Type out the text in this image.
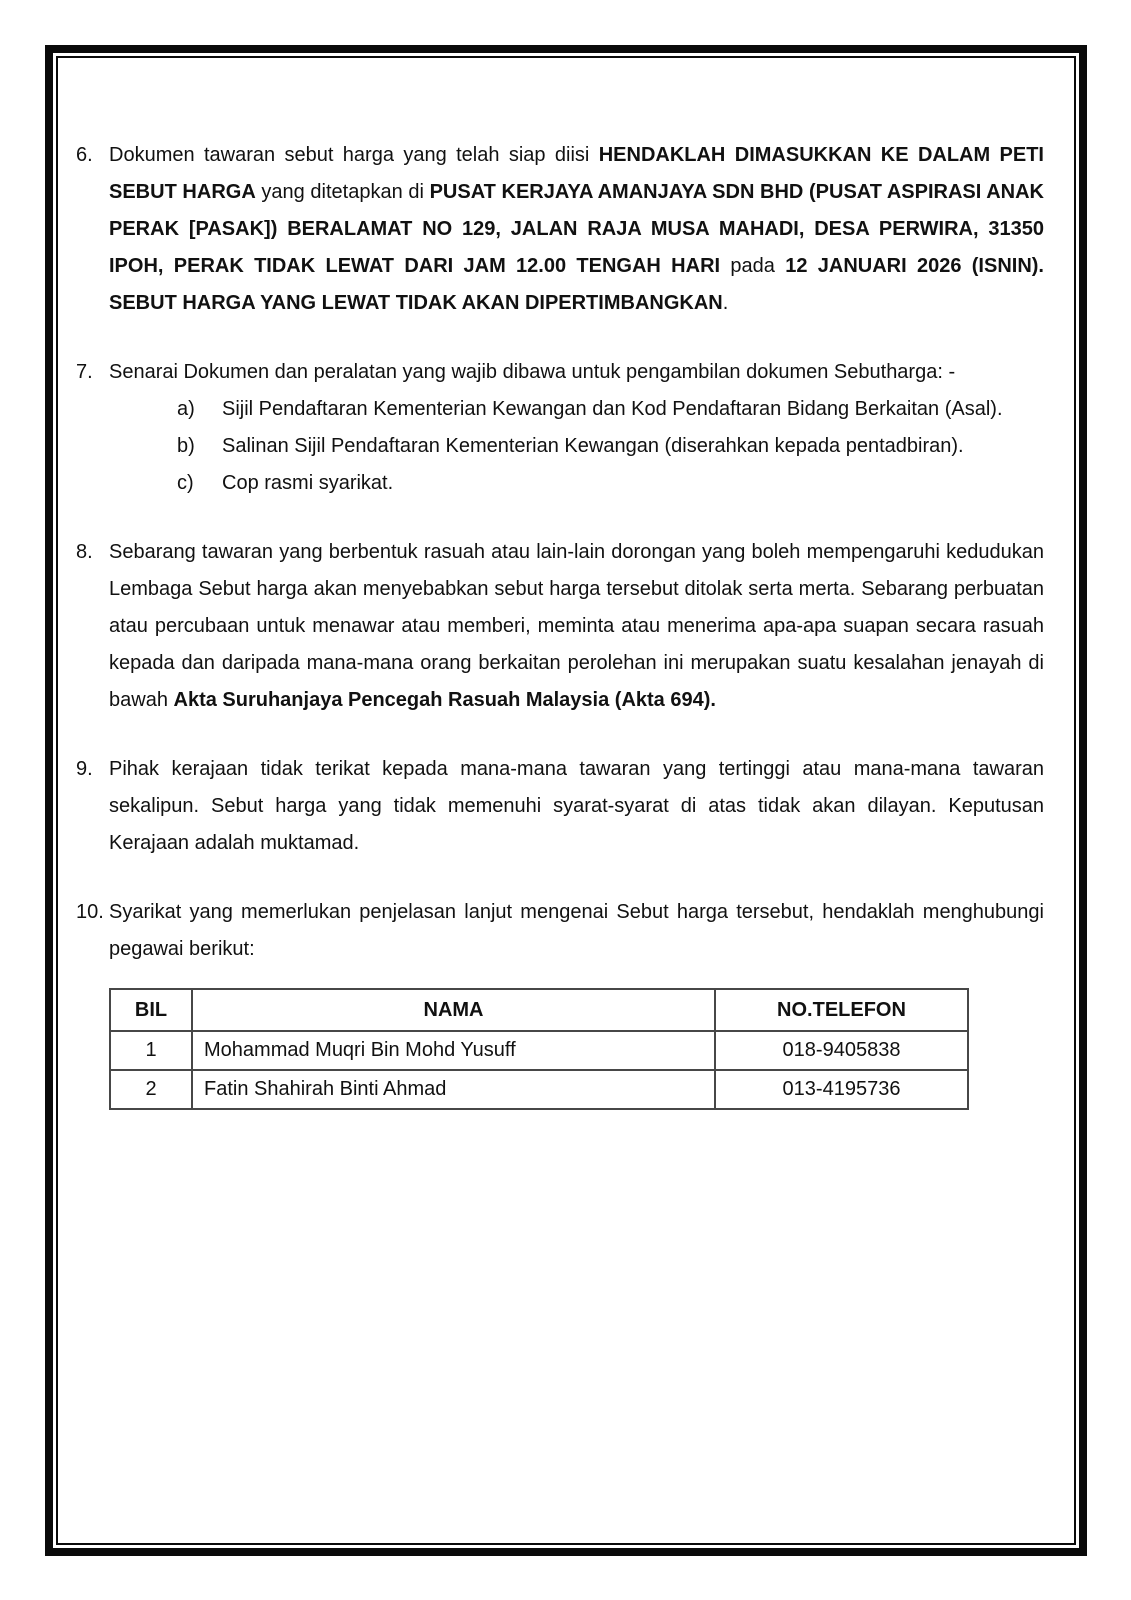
6. Dokumen tawaran sebut harga yang telah siap diisi HENDAKLAH DIMASUKKAN KE DALAM PETI SEBUT HARGA yang ditetapkan di PUSAT KERJAYA AMANJAYA SDN BHD (PUSAT ASPIRASI ANAK PERAK [PASAK]) BERALAMAT NO 129, JALAN RAJA MUSA MAHADI, DESA PERWIRA, 31350 IPOH, PERAK TIDAK LEWAT DARI JAM 12.00 TENGAH HARI pada 12 JANUARI 2026 (ISNIN). SEBUT HARGA YANG LEWAT TIDAK AKAN DIPERTIMBANGKAN.
7. Senarai Dokumen dan peralatan yang wajib dibawa untuk pengambilan dokumen Sebutharga: -
a)	Sijil Pendaftaran Kementerian Kewangan dan Kod Pendaftaran Bidang Berkaitan (Asal).
b)	Salinan Sijil Pendaftaran Kementerian Kewangan (diserahkan kepada pentadbiran).
c)	Cop rasmi syarikat.
8. Sebarang tawaran yang berbentuk rasuah atau lain-lain dorongan yang boleh mempengaruhi kedudukan Lembaga Sebut harga akan menyebabkan sebut harga tersebut ditolak serta merta. Sebarang perbuatan atau percubaan untuk menawar atau memberi, meminta atau menerima apa-apa suapan secara rasuah kepada dan daripada mana-mana orang berkaitan perolehan ini merupakan suatu kesalahan jenayah di bawah Akta Suruhanjaya Pencegah Rasuah Malaysia (Akta 694).
9. Pihak kerajaan tidak terikat kepada mana-mana tawaran yang tertinggi atau mana-mana tawaran sekalipun. Sebut harga yang tidak memenuhi syarat-syarat di atas tidak akan dilayan. Keputusan Kerajaan adalah muktamad.
10. Syarikat yang memerlukan penjelasan lanjut mengenai Sebut harga tersebut, hendaklah menghubungi pegawai berikut:
BIL	NAMA	NO.TELEFON
1	Mohammad Muqri Bin Mohd Yusuff	018-9405838
2	Fatin Shahirah Binti Ahmad	013-4195736
